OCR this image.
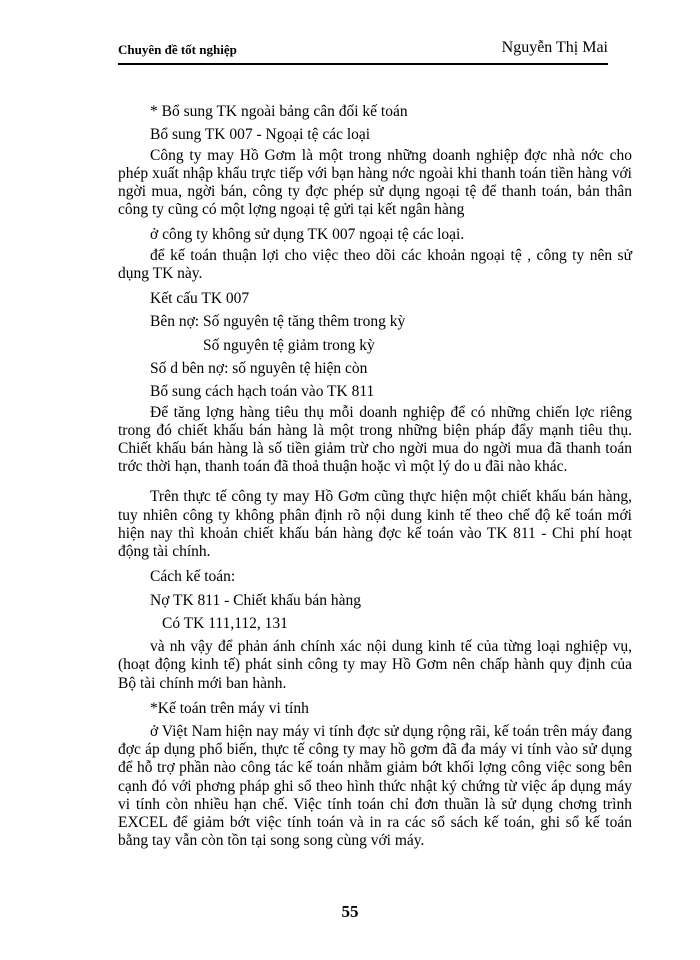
Chuyên đề tốt nghiệp	Nguyễn Thị Mai

* Bổ sung TK ngoài bảng cân đối kế toán

Bổ sung TK 007 - Ngoại tệ các loại

Công ty may Hồ Gơm là một trong những doanh nghiệp đợc nhà nớc cho phép xuất nhập khẩu trực tiếp với bạn hàng nớc ngoài khi thanh toán tiền hàng với ngời mua, ngời bán, công ty đợc phép sử dụng ngoại tệ để thanh toán, bản thân công ty cũng có một lợng ngoại tệ gửi tại kết ngân hàng

ở công ty không sử dụng TK 007 ngoại tệ các loại.

để kế toán thuận lợi cho việc theo dõi các khoản ngoại tệ , công ty nên sử dụng TK này.

Kết cấu TK 007

Bên nợ: Số nguyên tệ tăng thêm trong kỳ

Số nguyên tệ giảm trong kỳ

Số d bên nợ: số nguyên tệ hiện còn

Bổ sung cách hạch toán vào TK 811

Để tăng lợng hàng tiêu thụ mỗi doanh nghiệp để có những chiến lợc riêng trong đó chiết khấu bán hàng là một trong những biện pháp đẩy mạnh tiêu thụ. Chiết khấu bán hàng là số tiền giảm trừ cho ngời mua do ngời mua đã thanh toán trớc thời hạn, thanh toán đã thoả thuận hoặc vì một lý do u đãi nào khác.

Trên thực tế công ty may Hồ Gơm cũng thực hiện một chiết khấu bán hàng, tuy nhiên công ty không phân định rõ nội dung kinh tế theo chế độ kế toán mới hiện nay thì khoản chiết khấu bán hàng đợc kế toán vào TK 811 - Chi phí hoạt động tài chính.

Cách kế toán:

Nợ TK 811 - Chiết khấu bán hàng

Có TK 111,112, 131

và nh vậy để phản ánh chính xác nội dung kinh tế của từng loại nghiệp vụ, (hoạt động kinh tế) phát sinh công ty may Hồ Gơm nên chấp hành quy định của Bộ tài chính mới ban hành.

*Kế toán trên máy vi tính

ở Việt Nam hiện nay máy vi tính đợc sử dụng rộng rãi, kế toán trên máy đang đợc áp dụng phổ biến, thực tế công ty may hồ gơm đã đa máy vi tính vào sử dụng để hỗ trợ phần nào công tác kế toán nhằm giảm bớt khối lợng công việc song bên cạnh đó với phơng pháp ghi sổ theo hình thức nhật ký chứng từ việc áp dụng máy vi tính còn nhiều hạn chế. Việc tính toán chỉ đơn thuần là sử dụng chơng trình EXCEL để giảm bớt việc tính toán và in ra các sổ sách kế toán, ghi sổ kế toán bằng tay vẫn còn tồn tại song song cùng với máy.

55
